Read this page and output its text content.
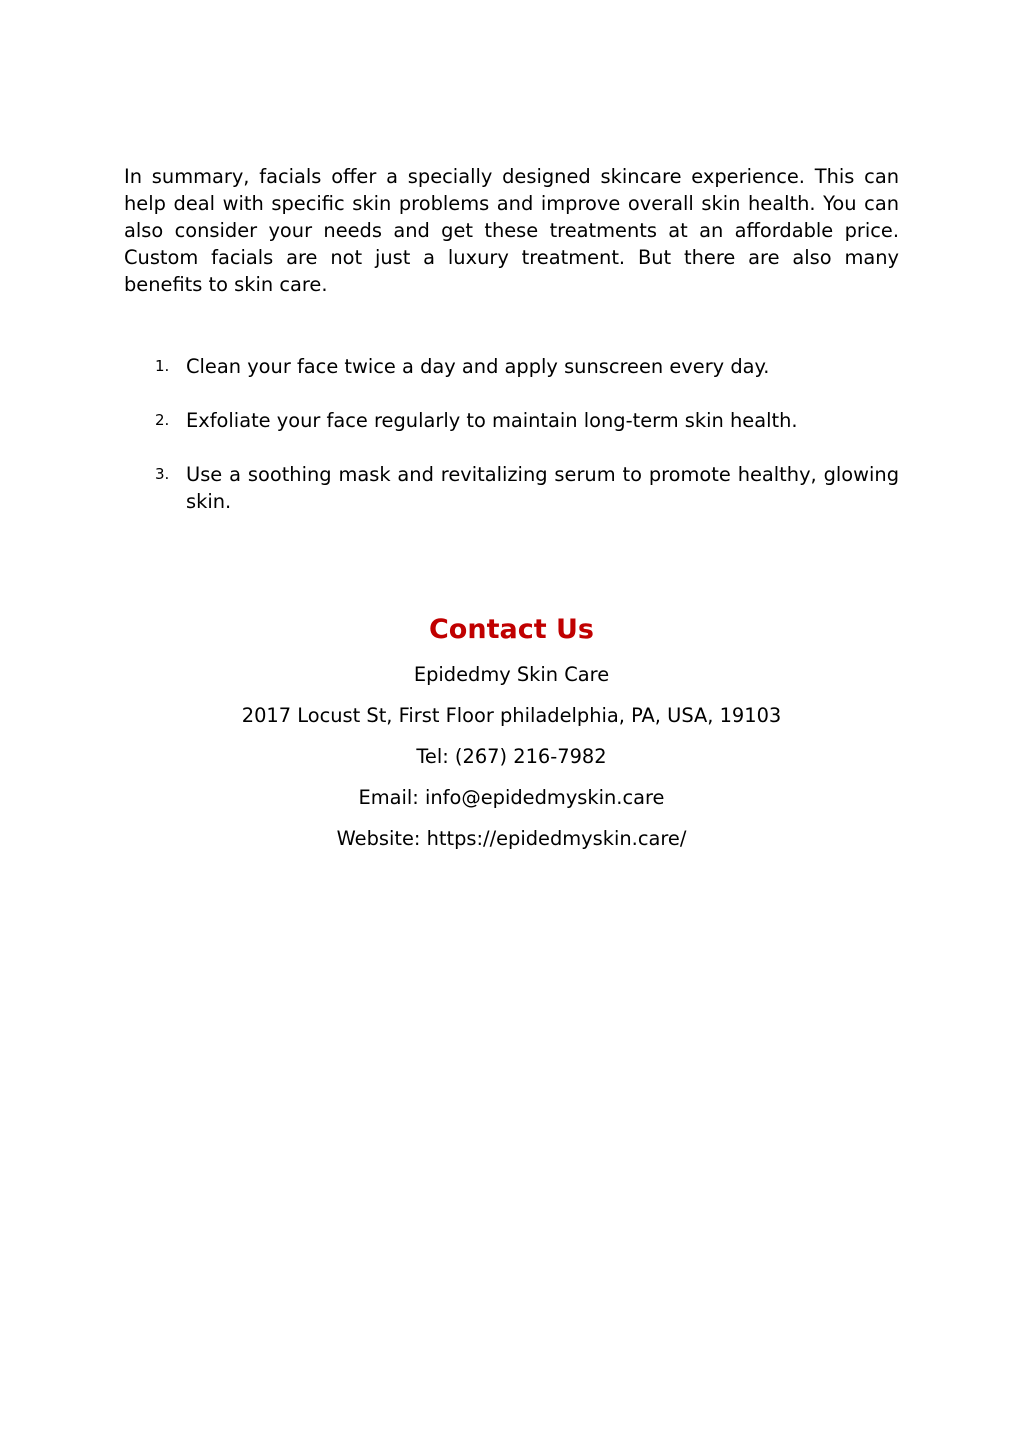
In summary, facials offer a specially designed skincare experience. This can help deal with specific skin problems and improve overall skin health. You can also consider your needs and get these treatments at an affordable price. Custom facials are not just a luxury treatment. But there are also many benefits to skin care.

1. Clean your face twice a day and apply sunscreen every day.
2. Exfoliate your face regularly to maintain long-term skin health.
3. Use a soothing mask and revitalizing serum to promote healthy, glowing skin.
Contact Us

Epidedmy Skin Care

2017 Locust St, First Floor philadelphia, PA, USA, 19103

Tel: (267) 216-7982

Email: info@epidedmyskin.care

Website: https://epidedmyskin.care/
